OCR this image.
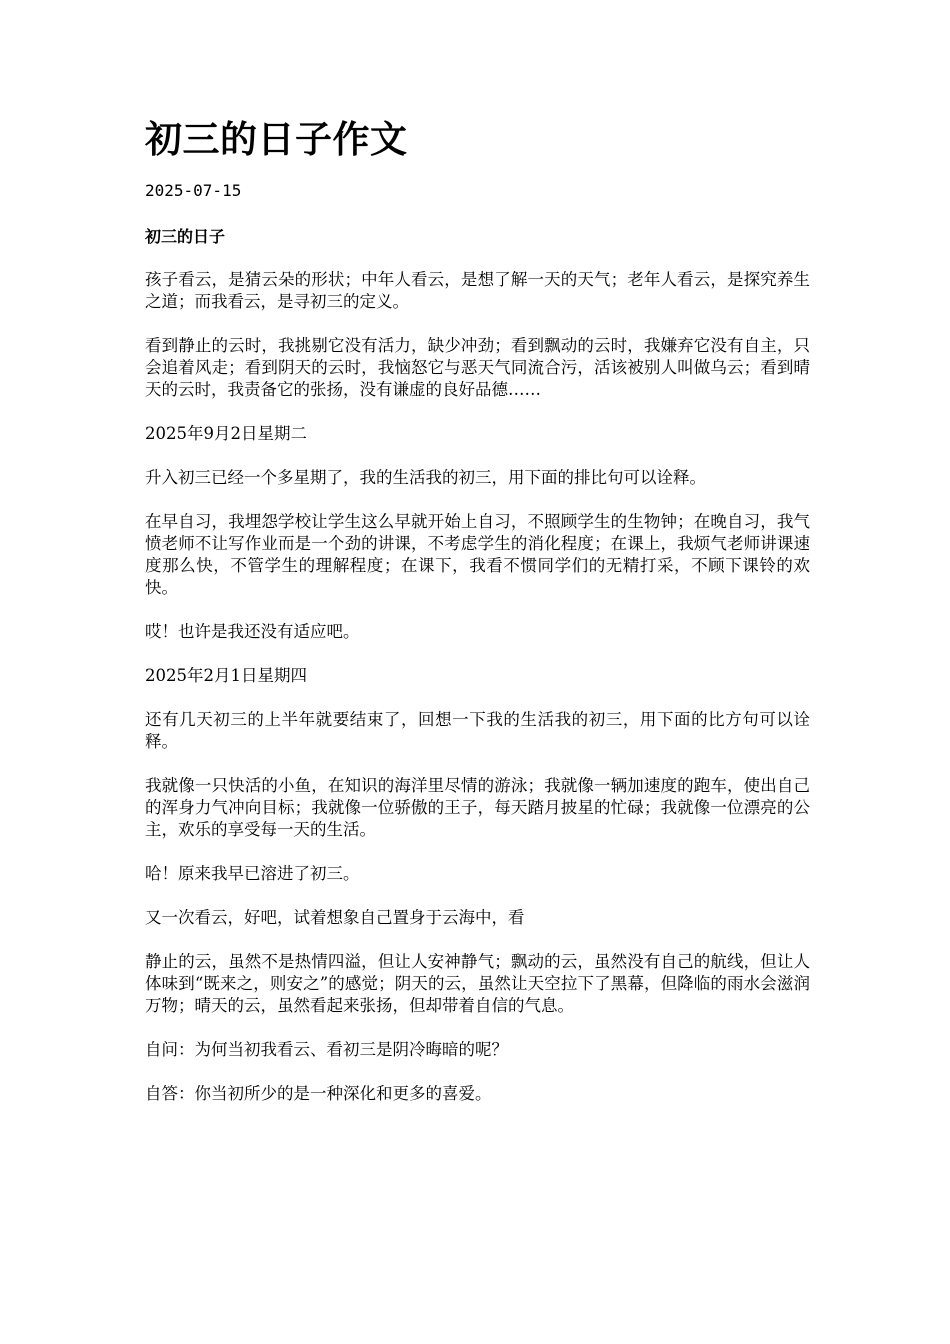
初三的日子作文
2025-07-15
初三的日子

孩子看云，是猜云朵的形状；中年人看云，是想了解一天的天气；老年人看云，是探究养生之道；而我看云，是寻初三的定义。

看到静止的云时，我挑剔它没有活力，缺少冲劲；看到飘动的云时，我嫌弃它没有自主，只会追着风走；看到阴天的云时，我恼怒它与恶天气同流合污，活该被别人叫做乌云；看到晴天的云时，我责备它的张扬，没有谦虚的良好品德……

2025年9月2日星期二

升入初三已经一个多星期了，我的生活我的初三，用下面的排比句可以诠释。

在早自习，我埋怨学校让学生这么早就开始上自习，不照顾学生的生物钟；在晚自习，我气愤老师不让写作业而是一个劲的讲课，不考虑学生的消化程度；在课上，我烦气老师讲课速度那么快，不管学生的理解程度；在课下，我看不惯同学们的无精打采，不顾下课铃的欢快。

哎！也许是我还没有适应吧。

2025年2月1日星期四

还有几天初三的上半年就要结束了，回想一下我的生活我的初三，用下面的比方句可以诠释。

我就像一只快活的小鱼，在知识的海洋里尽情的游泳；我就像一辆加速度的跑车，使出自己的浑身力气冲向目标；我就像一位骄傲的王子，每天踏月披星的忙碌；我就像一位漂亮的公主，欢乐的享受每一天的生活。

哈！原来我早已溶进了初三。

又一次看云，好吧，试着想象自己置身于云海中，看

静止的云，虽然不是热情四溢，但让人安神静气；飘动的云，虽然没有自己的航线，但让人体味到“既来之，则安之”的感觉；阴天的云，虽然让天空拉下了黑幕，但降临的雨水会滋润万物；晴天的云，虽然看起来张扬，但却带着自信的气息。

自问：为何当初我看云、看初三是阴冷晦暗的呢？

自答：你当初所少的是一种深化和更多的喜爱。
